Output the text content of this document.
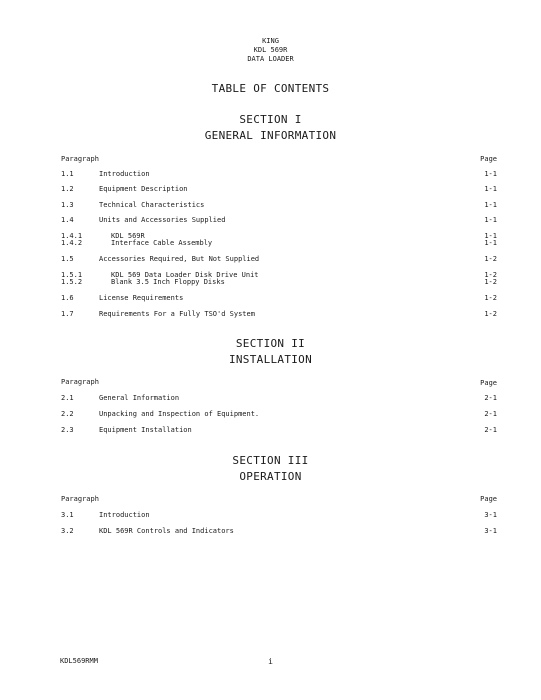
KING
KDL 569R
DATA LOADER
TABLE OF CONTENTS
SECTION I
GENERAL INFORMATION
Paragraph	Page
1.1	Introduction	1-1
1.2	Equipment Description	1-1
1.3	Technical Characteristics	1-1
1.4	Units and Accessories Supplied	1-1
1.4.1	KDL 569R	1-1
1.4.2	Interface Cable Assembly	1-1
1.5	Accessories Required, But Not Supplied	1-2
1.5.1	KDL 569 Data Loader Disk Drive Unit	1-2
1.5.2	Blank 3.5 Inch Floppy Disks	1-2
1.6	License Requirements	1-2
1.7	Requirements For a Fully TSO'd System	1-2
SECTION II
INSTALLATION
Paragraph	Page
2.1	General Information	2-1
2.2	Unpacking and Inspection of Equipment.	2-1
2.3	Equipment Installation	2-1
SECTION III
OPERATION
Paragraph	Page
3.1	Introduction	3-1
3.2	KDL 569R Controls and Indicators	3-1
KDL569RMM	i
